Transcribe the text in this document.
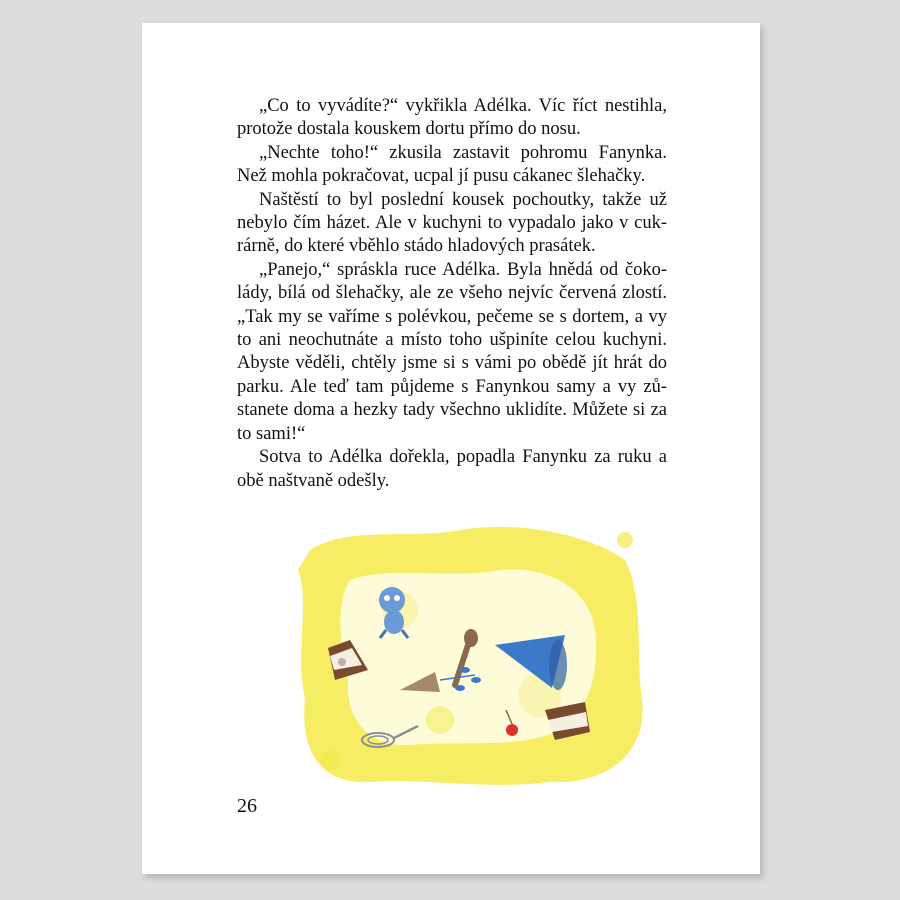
„Co to vyvádíte?“ vykřikla Adélka. Víc říct nestihla, protože dostala kouskem dortu přímo do nosu.

„Nechte toho!“ zkusila zastavit pohromu Fanynka. Než mohla pokračovat, ucpal jí pusu cákanec šlehačky.

Naštěstí to byl poslední kousek pochoutky, takže už nebylo čím házet. Ale v kuchyni to vypadalo jako v cukrárně, do které vběhlo stádo hladových prasátek.

„Panejo,“ spráskla ruce Adélka. Byla hnědá od čokolády, bílá od šlehačky, ale ze všeho nejvíc červená zlostí. „Tak my se vaříme s polévkou, pečeme se s dortem, a vy to ani neochutnáte a místo toho ušpiníte celou kuchyni. Abyste věděli, chtěly jsme si s vámi po obědě jít hrát do parku. Ale teď tam půjdeme s Fanynkou samy a vy zůstanete doma a hezky tady všechno uklidíte. Můžete si za to sami!“

Sotva to Adélka dořekla, popadla Fanynku za ruku a obě naštvaně odešly.

26
